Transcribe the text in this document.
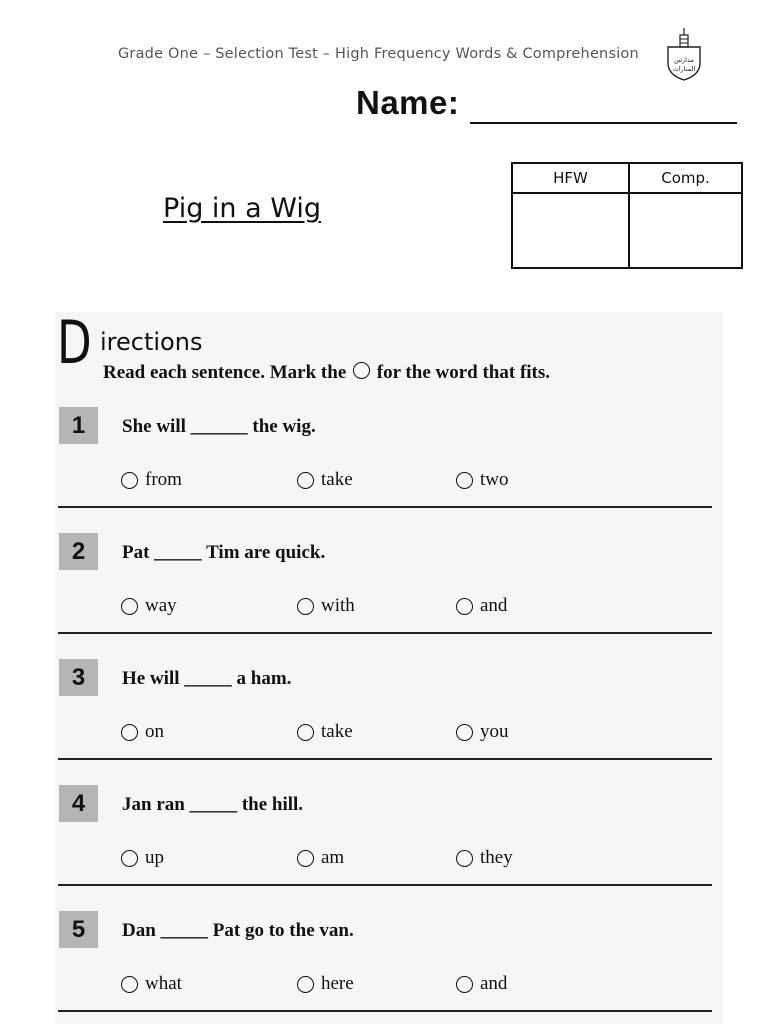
Grade One – Selection Test – High Frequency Words & Comprehension	مدارس
المنارات
Name:
Pig in a Wig
HFW	Comp.

D irections
Read each sentence. Mark the for the word that fits.
1	She will ______ the wig.
from	take	two
2	Pat _____ Tim are quick.
way	with	and
3	He will _____ a ham.
on	take	you
4	Jan ran _____ the hill.
up	am	they
5	Dan _____ Pat go to the van.
what	here	and
